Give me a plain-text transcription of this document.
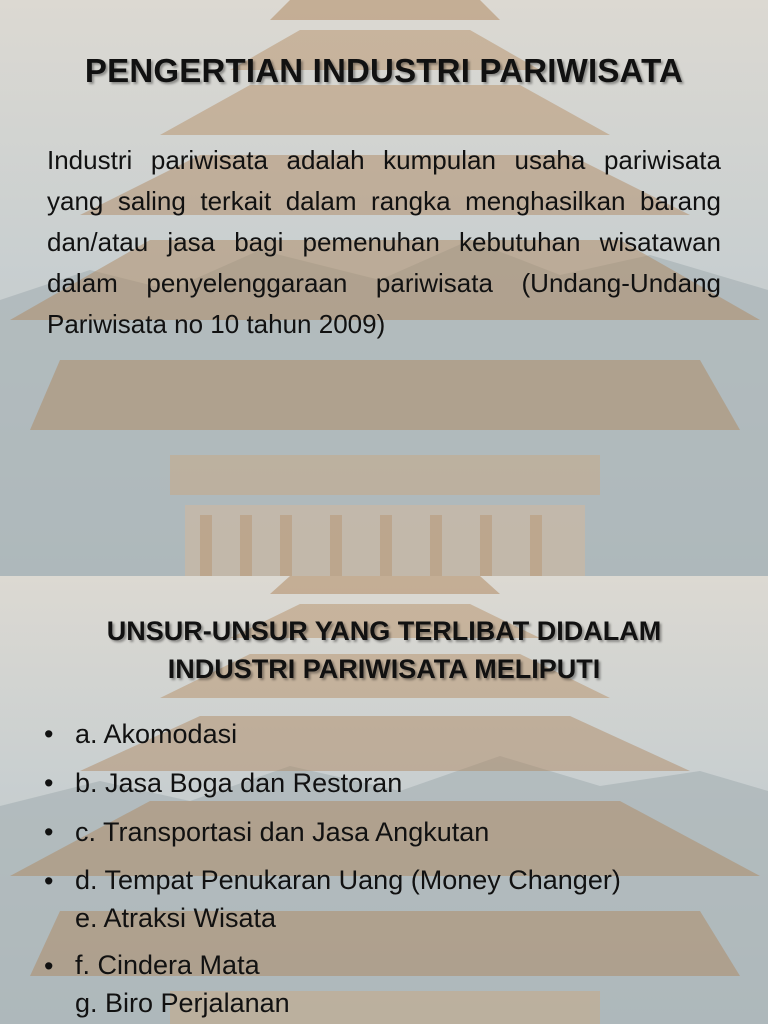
PENGERTIAN INDUSTRI PARIWISATA

Industri pariwisata adalah kumpulan usaha pariwisata yang saling terkait dalam rangka menghasilkan barang dan/atau jasa bagi pemenuhan kebutuhan wisatawan dalam penyelenggaraan pariwisata (Undang-Undang Pariwisata no 10 tahun 2009)

UNSUR-UNSUR YANG TERLIBAT DIDALAM
INDUSTRI PARIWISATA MELIPUTI
• a. Akomodasi
• b. Jasa Boga dan Restoran
• c. Transportasi dan Jasa Angkutan
• d. Tempat Penukaran Uang (Money Changer)
e. Atraksi Wisata
• f. Cindera Mata
g. Biro Perjalanan
